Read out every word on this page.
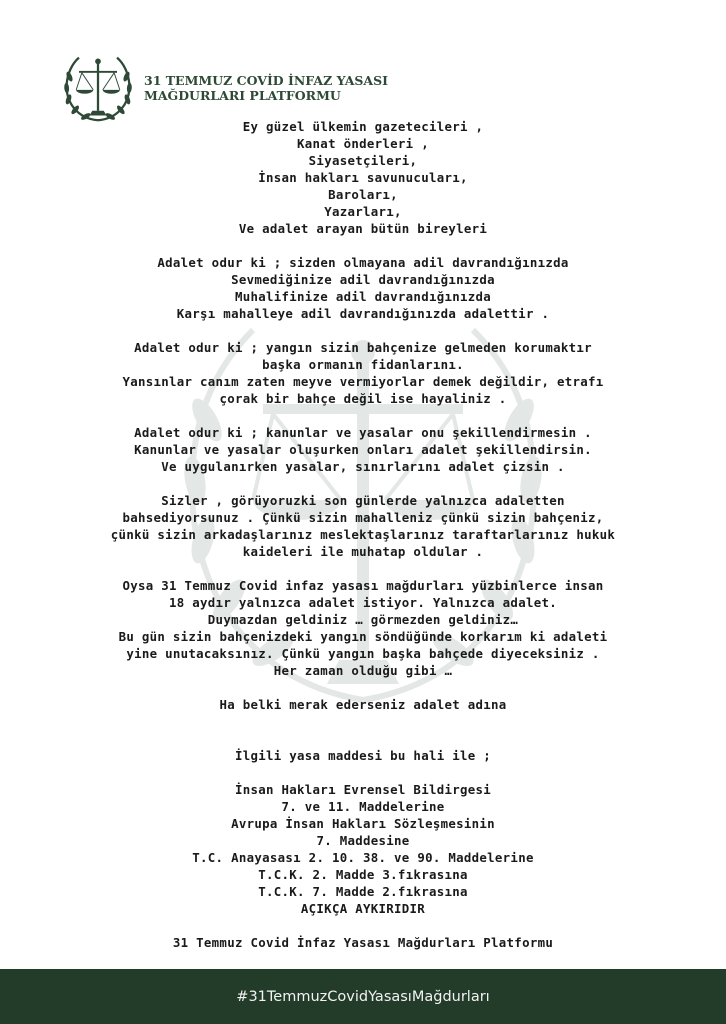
31 TEMMUZ COVİD İNFAZ YASASI
MAĞDURLARI PLATFORMU
Ey güzel ülkemin gazetecileri ,
Kanat önderleri ,
Siyasetçileri,
İnsan hakları savunucuları,
Baroları,
Yazarları,
Ve adalet arayan bütün bireyleri
Adalet odur ki ; sizden olmayana adil davrandığınızda
Sevmediğinize adil davrandığınızda
Muhalifinize adil davrandığınızda
Karşı mahalleye adil davrandığınızda adalettir .
Adalet odur ki ; yangın sizin bahçenize gelmeden korumaktır
başka ormanın fidanlarını.
Yansınlar canım zaten meyve vermiyorlar demek değildir, etrafı
çorak bir bahçe değil ise hayaliniz .
Adalet odur ki ; kanunlar ve yasalar onu şekillendirmesin .
Kanunlar ve yasalar oluşurken onları adalet şekillendirsin.
Ve uygulanırken yasalar, sınırlarını adalet çizsin .
Sizler , görüyoruzki son günlerde yalnızca adaletten
bahsediyorsunuz . Çünkü sizin mahalleniz çünkü sizin bahçeniz,
çünkü sizin arkadaşlarınız meslektaşlarınız taraftarlarınız hukuk
kaideleri ile muhatap oldular .
Oysa 31 Temmuz Covid infaz yasası mağdurları yüzbinlerce insan
18 aydır yalnızca adalet istiyor. Yalnızca adalet.
Duymazdan geldiniz … görmezden geldiniz…
Bu gün sizin bahçenizdeki yangın söndüğünde korkarım ki adaleti
yine unutacaksınız. Çünkü yangın başka bahçede diyeceksiniz .
Her zaman olduğu gibi …
Ha belki merak ederseniz adalet adına
İlgili yasa maddesi bu hali ile ;
İnsan Hakları Evrensel Bildirgesi
7. ve 11. Maddelerine
Avrupa İnsan Hakları Sözleşmesinin
7. Maddesine
T.C. Anayasası 2. 10. 38. ve 90. Maddelerine
T.C.K. 2. Madde 3.fıkrasına
T.C.K. 7. Madde 2.fıkrasına
AÇIKÇA AYKIRIDIR
31 Temmuz Covid İnfaz Yasası Mağdurları Platformu
#31TemmuzCovidYasasıMağdurları
